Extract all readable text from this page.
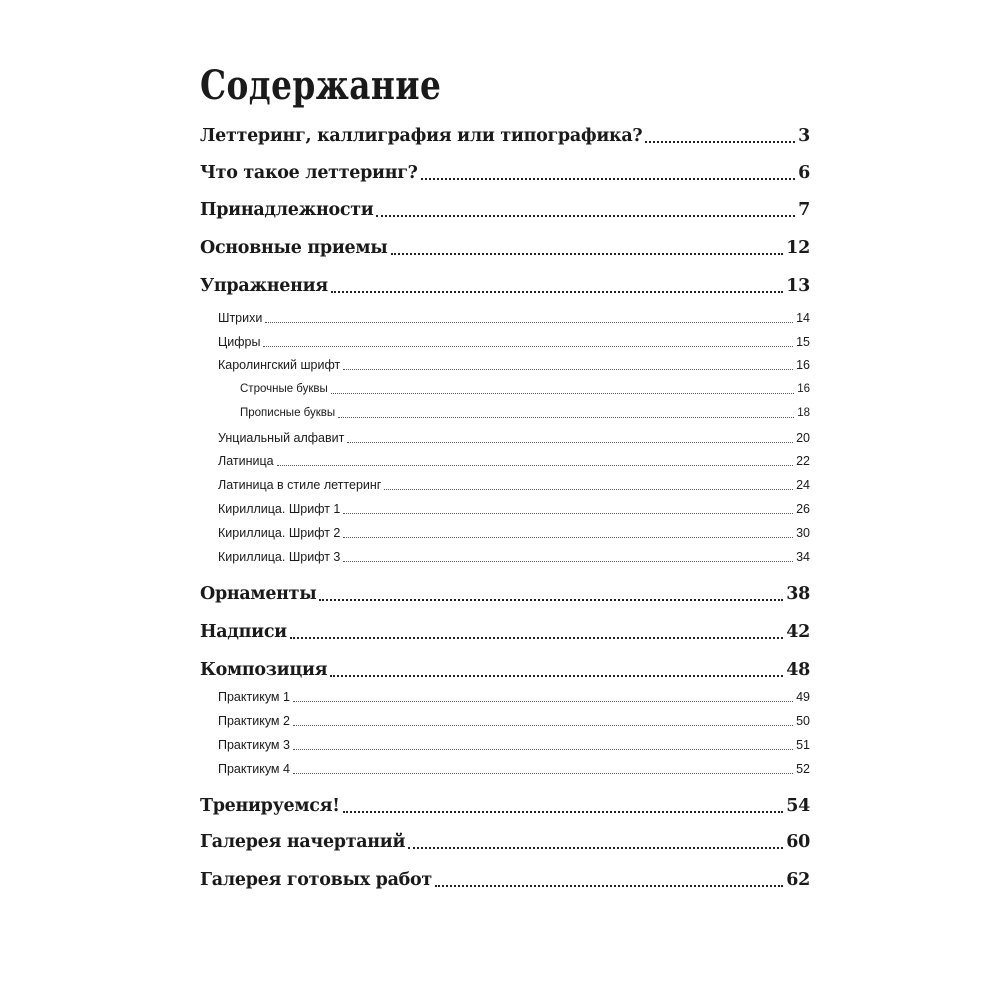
Содержание
Леттеринг, каллиграфия или типографика?	3
Что такое леттеринг?	6
Принадлежности	7
Основные приемы	12
Упражнения	13
Штрихи	14
Цифры	15
Каролингский шрифт	16
Строчные буквы	16
Прописные буквы	18
Унциальный алфавит	20
Латиница	22
Латиница в стиле леттеринг	24
Кириллица. Шрифт 1	26
Кириллица. Шрифт 2	30
Кириллица. Шрифт 3	34
Орнаменты	38
Надписи	42
Композиция	48
Практикум 1	49
Практикум 2	50
Практикум 3	51
Практикум 4	52
Тренируемся!	54
Галерея начертаний	60
Галерея готовых работ	62
